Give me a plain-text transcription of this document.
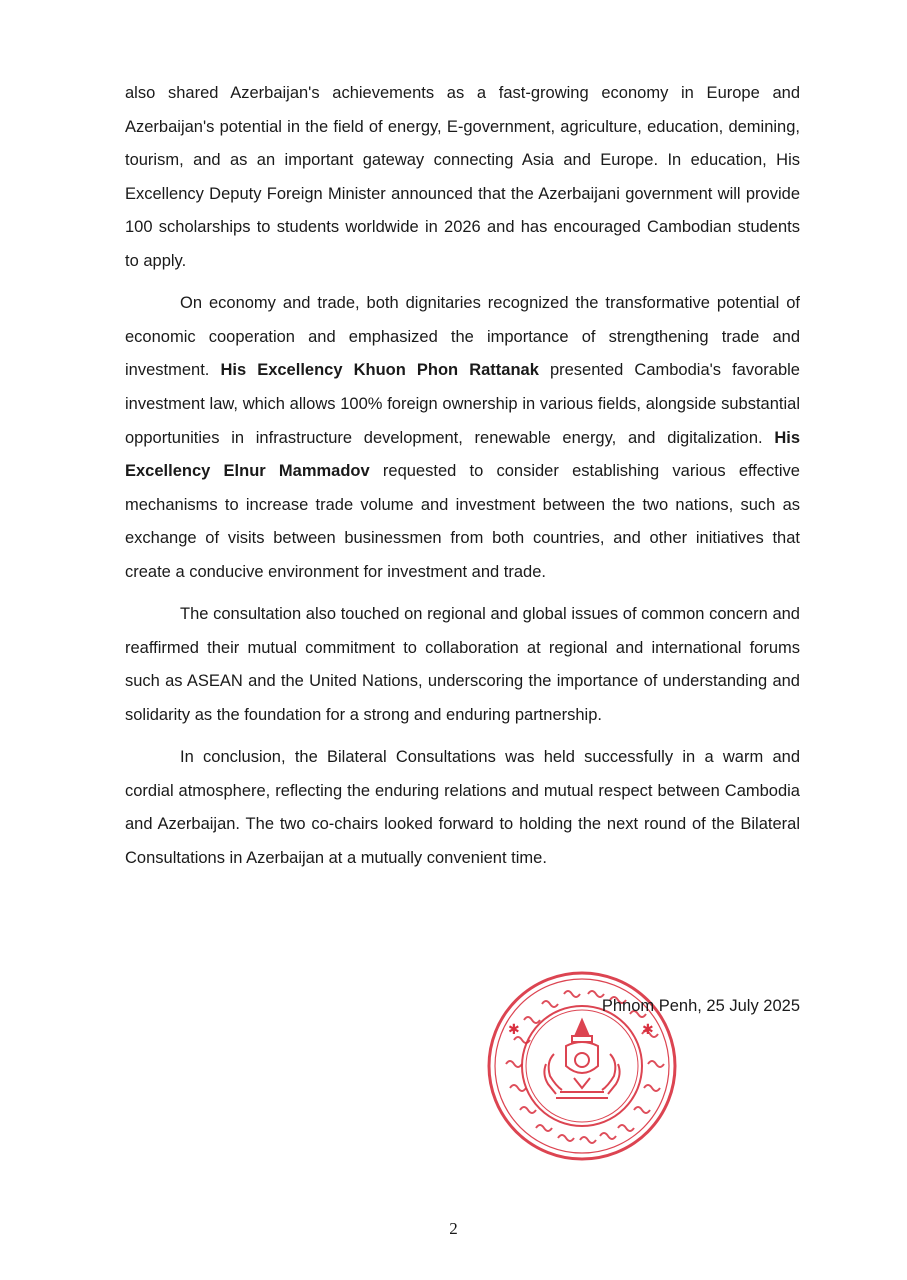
also shared Azerbaijan's achievements as a fast-growing economy in Europe and Azerbaijan's potential in the field of energy, E-government, agriculture, education, demining, tourism, and as an important gateway connecting Asia and Europe. In education, His Excellency Deputy Foreign Minister announced that the Azerbaijani government will provide 100 scholarships to students worldwide in 2026 and has encouraged Cambodian students to apply.

On economy and trade, both dignitaries recognized the transformative potential of economic cooperation and emphasized the importance of strengthening trade and investment. His Excellency Khuon Phon Rattanak presented Cambodia's favorable investment law, which allows 100% foreign ownership in various fields, alongside substantial opportunities in infrastructure development, renewable energy, and digitalization. His Excellency Elnur Mammadov requested to consider establishing various effective mechanisms to increase trade volume and investment between the two nations, such as exchange of visits between businessmen from both countries, and other initiatives that create a conducive environment for investment and trade.

The consultation also touched on regional and global issues of common concern and reaffirmed their mutual commitment to collaboration at regional and international forums such as ASEAN and the United Nations, underscoring the importance of understanding and solidarity as the foundation for a strong and enduring partnership.

In conclusion, the Bilateral Consultations was held successfully in a warm and cordial atmosphere, reflecting the enduring relations and mutual respect between Cambodia and Azerbaijan. The two co-chairs looked forward to holding the next round of the Bilateral Consultations in Azerbaijan at a mutually convenient time.

✱	✱
Phnom Penh, 25 July 2025
2
